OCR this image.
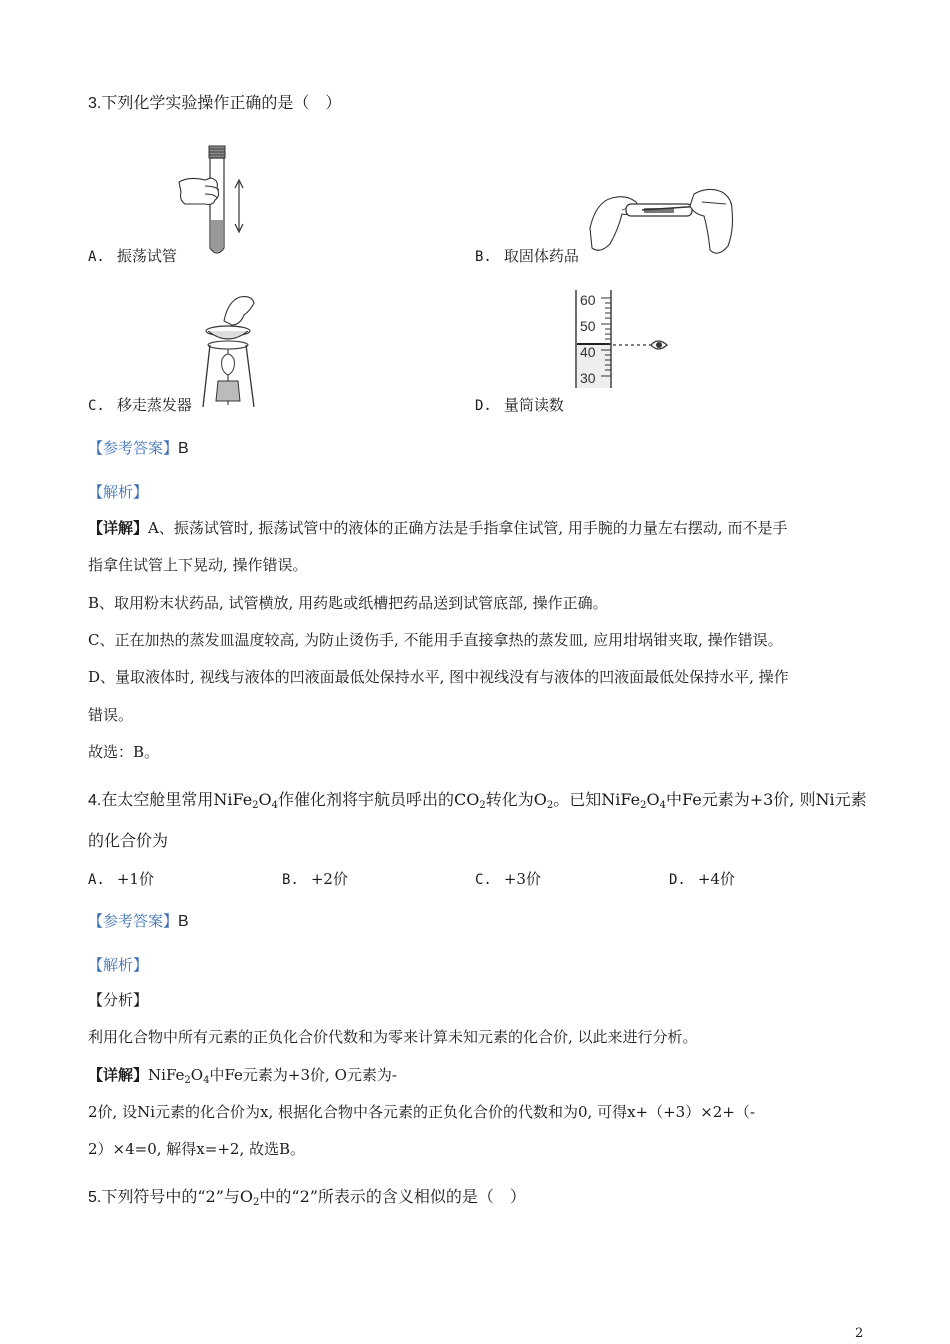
3.下列化学实验操作正确的是（　）
A. 振荡试管	B. 取固体药品
C. 移走蒸发器
60
50
40
30
D. 量筒读数
【参考答案】B
【解析】
【详解】A、振荡试管时, 振荡试管中的液体的正确方法是手指拿住试管, 用手腕的力量左右摆动, 而不是手
指拿住试管上下晃动, 操作错误。
B、取用粉末状药品, 试管横放, 用药匙或纸槽把药品送到试管底部, 操作正确。
C、正在加热的蒸发皿温度较高, 为防止烫伤手, 不能用手直接拿热的蒸发皿, 应用坩埚钳夹取, 操作错误。
D、量取液体时, 视线与液体的凹液面最低处保持水平, 图中视线没有与液体的凹液面最低处保持水平, 操作
错误。
故选：B。
4.在太空舱里常用$NiFe_2O_4$作催化剂将宇航员呼出的$CO_2$转化为$O_2$。已知$NiFe_2O_4$中Fe元素为+3价, 则Ni元素
的化合价为
A. +1价	B. +2价	C. +3价	D. +4价
【参考答案】B
【解析】
【分析】
利用化合物中所有元素的正负化合价代数和为零来计算未知元素的化合价, 以此来进行分析。
【详解】$NiFe_2O_4$中Fe元素为+3价, O元素为-
2价, 设Ni元素的化合价为x, 根据化合物中各元素的正负化合价的代数和为0, 可得x+（+3）×2+（-
2）×4=0, 解得x=+2, 故选B。
5.下列符号中的“2”与$O_2$中的“2”所表示的含义相似的是（　）
2
